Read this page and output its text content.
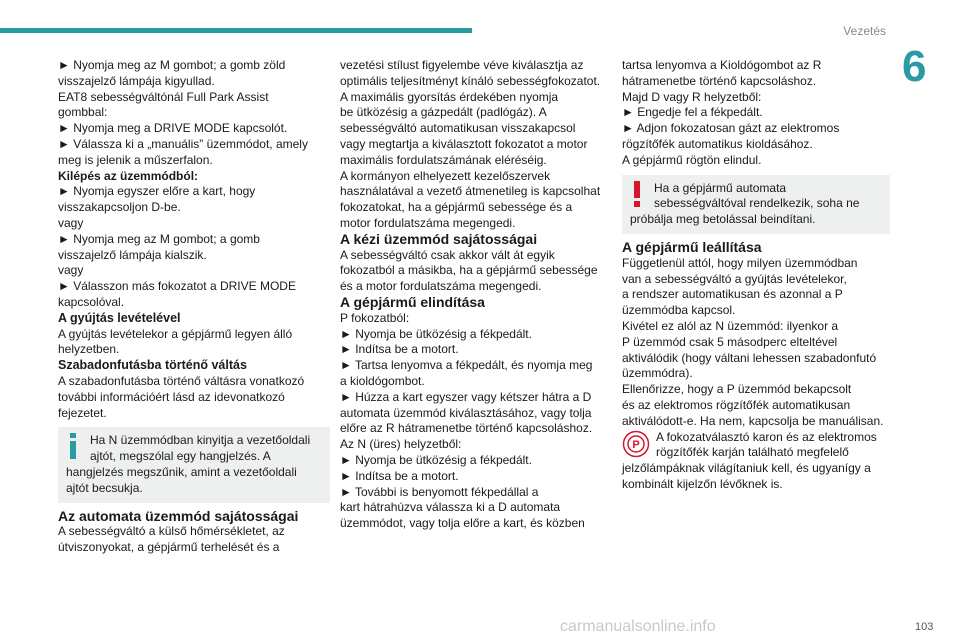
Vezetés
6

► Nyomja meg az M gombot; a gomb zöld

visszajelző lámpája kigyullad.

EAT8 sebességváltónál Full Park Assist

gombbal:

► Nyomja meg a DRIVE MODE kapcsolót.

► Válassza ki a „manuális” üzemmódot, amely

meg is jelenik a műszerfalon.

Kilépés az üzemmódból:

► Nyomja egyszer előre a kart, hogy

visszakapcsoljon D-be.

vagy

► Nyomja meg az M gombot; a gomb

visszajelző lámpája kialszik.

vagy

► Válasszon más fokozatot a DRIVE MODE

kapcsolóval.

A gyújtás levételével

A gyújtás levételekor a gépjármű legyen álló

helyzetben.

Szabadonfutásba történő váltás

A szabadonfutásba történő váltásra vonatkozó

további információért lásd az idevonatkozó

fejezetet.

Ha N üzemmódban kinyitja a vezetőoldali

ajtót, megszólal egy hangjelzés. A

hangjelzés megszűnik, amint a vezetőoldali

ajtót becsukja.

Az automata üzemmód sajátosságai

A sebességváltó a külső hőmérsékletet, az

útviszonyokat, a gépjármű terhelését és a

vezetési stílust figyelembe véve kiválasztja az

optimális teljesítményt kínáló sebességfokozatot.

A maximális gyorsítás érdekében nyomja

be ütközésig a gázpedált (padlógáz). A

sebességváltó automatikusan visszakapcsol

vagy megtartja a kiválasztott fokozatot a motor

maximális fordulatszámának eléréséig.

A kormányon elhelyezett kezelőszervek

használatával a vezető átmenetileg is kapcsolhat

fokozatokat, ha a gépjármű sebessége és a

motor fordulatszáma megengedi.

A kézi üzemmód sajátosságai

A sebességváltó csak akkor vált át egyik

fokozatból a másikba, ha a gépjármű sebessége

és a motor fordulatszáma megengedi.

A gépjármű elindítása

P fokozatból:

► Nyomja be ütközésig a fékpedált.

► Indítsa be a motort.

► Tartsa lenyomva a fékpedált, és nyomja meg

a kioldógombot.

► Húzza a kart egyszer vagy kétszer hátra a D

automata üzemmód kiválasztásához, vagy tolja

előre az R hátramenetbe történő kapcsoláshoz.

Az N (üres) helyzetből:

► Nyomja be ütközésig a fékpedált.

► Indítsa be a motort.

► További is benyomott fékpedállal a

kart hátrahúzva válassza ki a D automata

üzemmódot, vagy tolja előre a kart, és közben

tartsa lenyomva a Kioldógombot az R

hátramenetbe történő kapcsoláshoz.

Majd D vagy R helyzetből:

► Engedje fel a fékpedált.

► Adjon fokozatosan gázt az elektromos

rögzítőfék automatikus kioldásához.

A gépjármű rögtön elindul.

Ha a gépjármű automata

sebességváltóval rendelkezik, soha ne

próbálja meg betolással beindítani.

A gépjármű leállítása

Függetlenül attól, hogy milyen üzemmódban

van a sebességváltó a gyújtás levételekor,

a rendszer automatikusan és azonnal a P

üzemmódba kapcsol.

Kivétel ez alól az N üzemmód: ilyenkor a

P üzemmód csak 5 másodperc elteltével

aktiválódik (hogy váltani lehessen szabadonfutó

üzemmódra).

Ellenőrizze, hogy a P üzemmód bekapcsolt

és az elektromos rögzítőfék automatikusan

aktiválódott-e. Ha nem, kapcsolja be manuálisan.

P

A fokozatválasztó karon és az elektromos

rögzítőfék karján található megfelelő

jelzőlámpáknak világítaniuk kell, és ugyanígy a

kombinált kijelzőn lévőknek is.

carmanualsonline.info	103
